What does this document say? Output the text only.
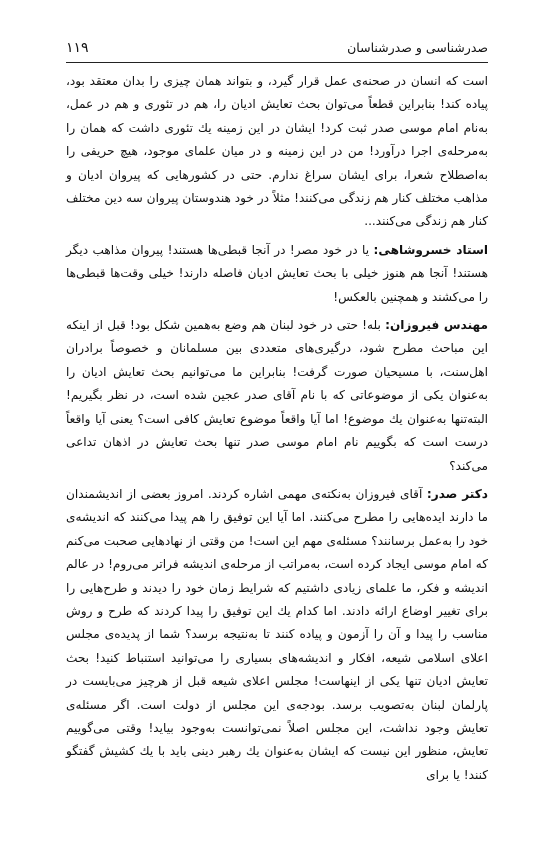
۱۱۹	صدرشناسی و صدرشناسان

است که انسان در صحنه‌ی عمل قرار گیرد، و بتواند همان چیزی را بدان معتقد بود، پیاده کند! بنابراین قطعاً می‌توان بحث تعایش ادیان را، هم در تئوری و هم در عمل، به‌نام امام موسی صدر ثبت کرد! ایشان در این زمینه یك تئوری داشت که همان را به‌مرحله‌ی اجرا درآورد! من در این زمینه و در میان علمای موجود، هیچ حریفی را به‌اصطلاح شعرا، برای ایشان سراغ ندارم. حتی در کشورهایی که پیروان ادیان و مذاهب مختلف کنار هم زندگی می‌کنند! مثلاً در خود هندوستان پیروان سه دین مختلف کنار هم زندگی می‌کنند...

استاد خسروشاهی: یا در خود مصر! در آنجا قبطی‌ها هستند! پیروان مذاهب دیگر هستند! آنجا هم هنوز خیلی با بحث تعایش ادیان فاصله دارند! خیلی وقت‌ها قبطی‌ها را می‌کشند و همچنین بالعکس!

مهندس فیروزان: بله! حتی در خود لبنان هم وضع به‌همین شکل بود! قبل از اینکه این مباحث مطرح شود، درگیری‌های متعددی بین مسلمانان و خصوصاً برادران اهل‌سنت، با مسیحیان صورت گرفت! بنابراین ما می‌توانیم بحث تعایش ادیان را به‌عنوان یکی از موضوعاتی که با نام آقای صدر عجین شده است، در نظر بگیریم! البته‌تنها به‌عنوان یك موضوع! اما آیا واقعاً موضوع تعایش کافی است؟ یعنی آیا واقعاً درست است که بگوییم نام امام موسی صدر تنها بحث تعایش در اذهان تداعی می‌کند؟

دکتر صدر: آقای فیروزان به‌نکته‌ی مهمی اشاره کردند. امروز بعضی از اندیشمندان ما دارند ایده‌هایی را مطرح می‌کنند. اما آیا این توفیق را هم پیدا می‌کنند که اندیشه‌ی خود را به‌عمل برسانند؟ مسئله‌ی مهم این است! من وقتی از نهادهایی صحبت می‌کنم که امام موسی ایجاد کرده است، به‌مراتب از مرحله‌ی اندیشه فراتر می‌روم! در عالم اندیشه و فکر، ما علمای زیادی داشتیم که شرایط زمان خود را دیدند و طرح‌هایی را برای تغییر اوضاع ارائه دادند. اما کدام یك این توفیق را پیدا کردند که طرح و روش مناسب را پیدا و آن را آزمون و پیاده کنند تا به‌نتیجه برسد؟ شما از پدیده‌ی مجلس اعلای اسلامی شیعه، افکار و اندیشه‌های بسیاری را می‌توانید استنباط کنید! بحث تعایش ادیان تنها یکی از اینهاست! مجلس اعلای شیعه قبل از هرچیز می‌بایست در پارلمان لبنان به‌تصویب برسد. بودجه‌ی این مجلس از دولت است. اگر مسئله‌ی تعایش وجود نداشت، این مجلس اصلاً نمی‌توانست به‌وجود بیاید! وقتی می‌گوییم تعایش، منظور این نیست که ایشان به‌عنوان یك رهبر دینی باید با یك کشیش گفتگو کنند! یا برای
